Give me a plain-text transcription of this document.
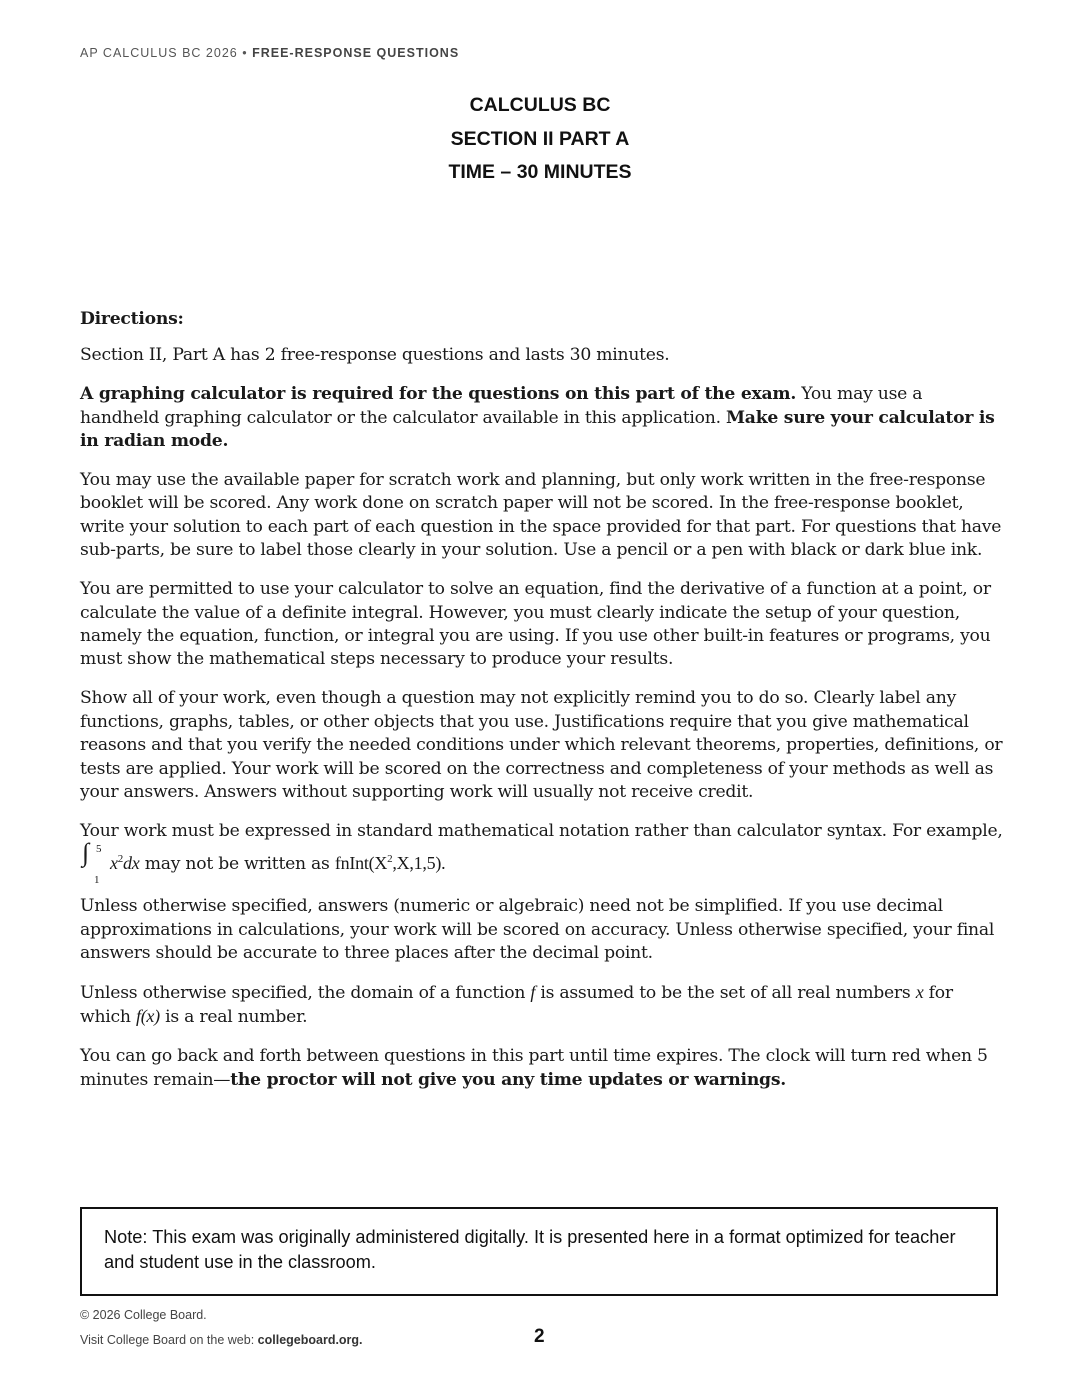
AP CALCULUS BC 2026 • FREE-RESPONSE QUESTIONS
CALCULUS BC
SECTION II PART A
TIME – 30 MINUTES
Directions:

Section II, Part A has 2 free-response questions and lasts 30 minutes.

A graphing calculator is required for the questions on this part of the exam. You may use a handheld graphing calculator or the calculator available in this application. Make sure your calculator is in radian mode.

You may use the available paper for scratch work and planning, but only work written in the free-response booklet will be scored. Any work done on scratch paper will not be scored. In the free-response booklet, write your solution to each part of each question in the space provided for that part. For questions that have sub-parts, be sure to label those clearly in your solution. Use a pencil or a pen with black or dark blue ink.

You are permitted to use your calculator to solve an equation, find the derivative of a function at a point, or calculate the value of a definite integral. However, you must clearly indicate the setup of your question, namely the equation, function, or integral you are using. If you use other built-in features or programs, you must show the mathematical steps necessary to produce your results.

Show all of your work, even though a question may not explicitly remind you to do so. Clearly label any functions, graphs, tables, or other objects that you use. Justifications require that you give mathematical reasons and that you verify the needed conditions under which relevant theorems, properties, definitions, or tests are applied. Your work will be scored on the correctness and completeness of your methods as well as your answers. Answers without supporting work will usually not receive credit.

Your work must be expressed in standard mathematical notation rather than calculator syntax. For example,
∫ 5
1
$x^2dx$ may not be written as $fnInt(X^2,X,1,5)$.

Unless otherwise specified, answers (numeric or algebraic) need not be simplified. If you use decimal approximations in calculations, your work will be scored on accuracy. Unless otherwise specified, your final answers should be accurate to three places after the decimal point.

Unless otherwise specified, the domain of a function f is assumed to be the set of all real numbers x for which f(x) is a real number.

You can go back and forth between questions in this part until time expires. The clock will turn red when 5 minutes remain—the proctor will not give you any time updates or warnings.

Note: This exam was originally administered digitally. It is presented here in a format optimized for teacher and student use in the classroom.
© 2026 College Board.
Visit College Board on the web: collegeboard.org.	2
